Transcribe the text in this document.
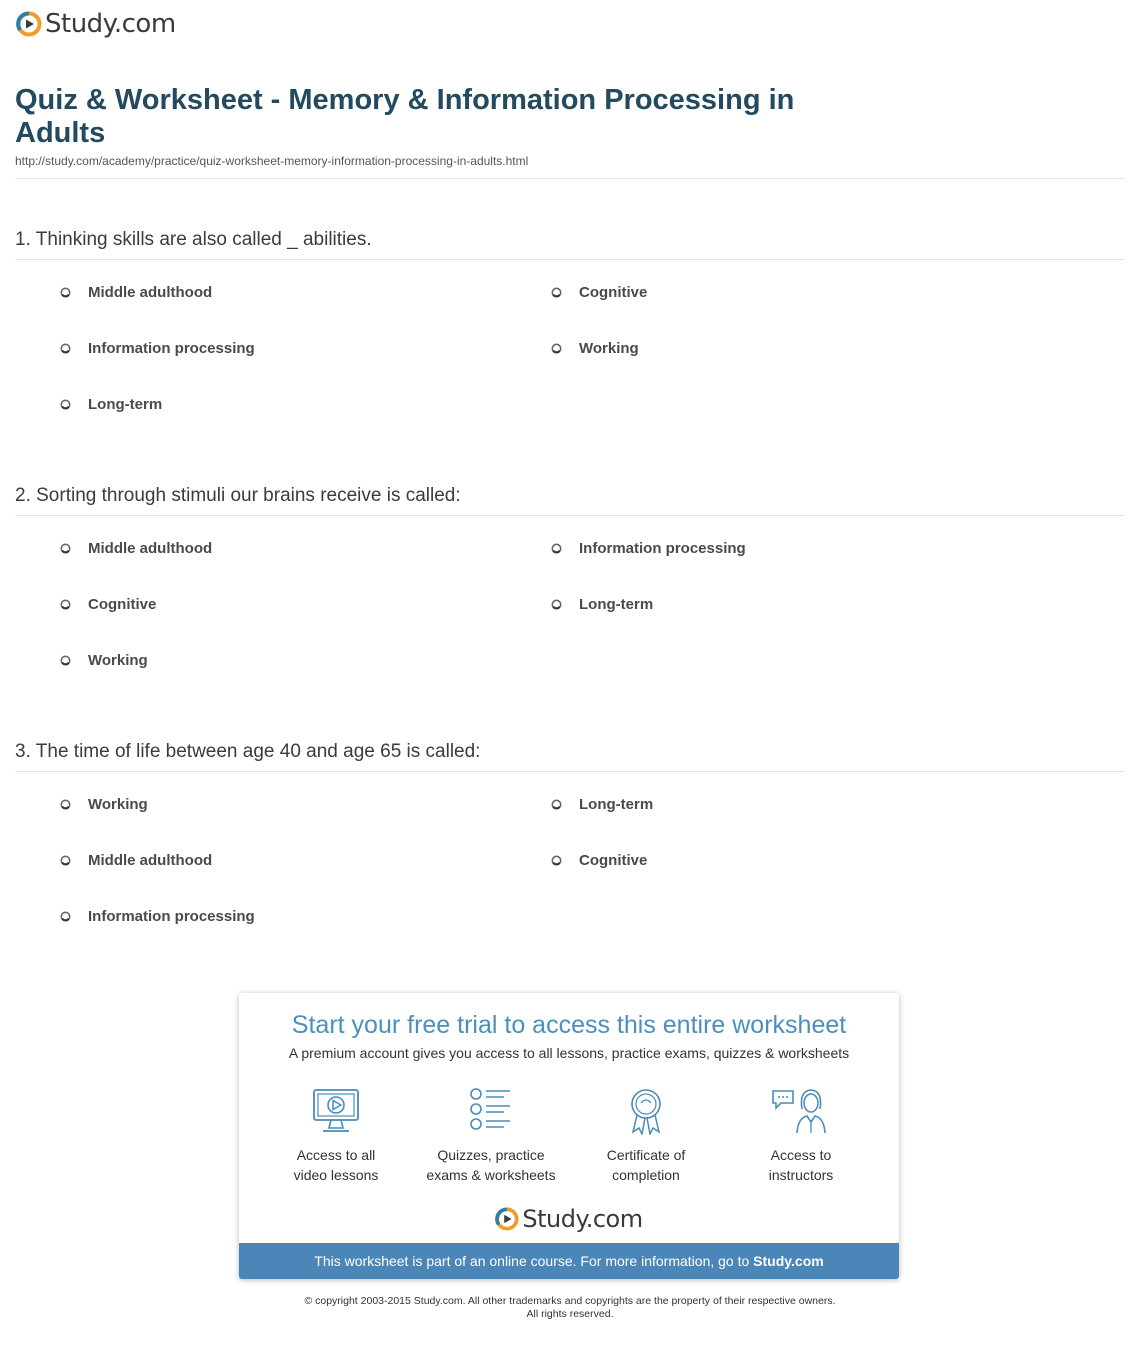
Study.com
Quiz & Worksheet - Memory & Information Processing in Adults
http://study.com/academy/practice/quiz-worksheet-memory-information-processing-in-adults.html
1. Thinking skills are also called _ abilities.
Middle adulthood	Cognitive
Information processing	Working
Long-term
2. Sorting through stimuli our brains receive is called:
Middle adulthood	Information processing
Cognitive	Long-term
Working
3. The time of life between age 40 and age 65 is called:
Working	Long-term
Middle adulthood	Cognitive
Information processing
Start your free trial to access this entire worksheet
A premium account gives you access to all lessons, practice exams, quizzes & worksheets
Access to all
video lessons
Quizzes, practice
exams & worksheets
Certificate of
completion
Access to
instructors
Study.com
This worksheet is part of an online course. For more information, go to Study.com
© copyright 2003-2015 Study.com. All other trademarks and copyrights are the property of their respective owners.
All rights reserved.
